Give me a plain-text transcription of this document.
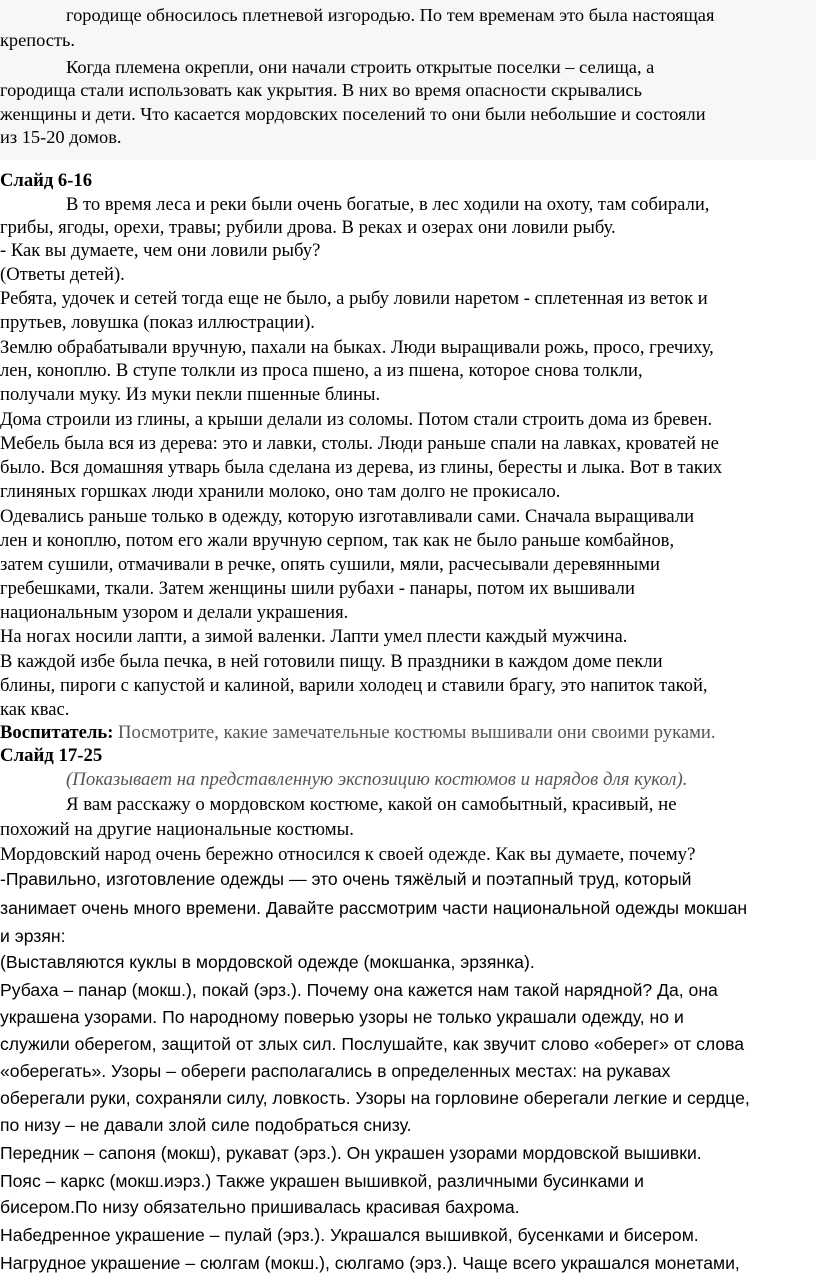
городище обносилось плетневой изгородью. По тем временам это была настоящая
крепость.
Когда племена окрепли, они начали строить открытые поселки – селища, а
городища стали использовать как укрытия. В них во время опасности скрывались
женщины и дети. Что касается мордовских поселений то они были небольшие и состояли
из 15-20 домов.
Слайд 6-16
В то время леса и реки были очень богатые, в лес ходили на охоту, там собирали,
грибы, ягоды, орехи, травы; рубили дрова. В реках и озерах они ловили рыбу.
- Как вы думаете, чем они ловили рыбу?
(Ответы детей).
Ребята, удочек и сетей тогда еще не было, а рыбу ловили наретом - сплетенная из веток и
прутьев, ловушка (показ иллюстрации).
Землю обрабатывали вручную, пахали на быках. Люди выращивали рожь, просо, гречиху,
лен, коноплю. В ступе толкли из проса пшено, а из пшена, которое снова толкли,
получали муку. Из муки пекли пшенные блины.
Дома строили из глины, а крыши делали из соломы. Потом стали строить дома из бревен.
Мебель была вся из дерева: это и лавки, столы. Люди раньше спали на лавках, кроватей не
было. Вся домашняя утварь была сделана из дерева, из глины, бересты и лыка. Вот в таких
глиняных горшках люди хранили молоко, оно там долго не прокисало.
Одевались раньше только в одежду, которую изготавливали сами. Сначала выращивали
лен и коноплю, потом его жали вручную серпом, так как не было раньше комбайнов,
затем сушили, отмачивали в речке, опять сушили, мяли, расчесывали деревянными
гребешками, ткали. Затем женщины шили рубахи - панары, потом их вышивали
национальным узором и делали украшения.
На ногах носили лапти, а зимой валенки. Лапти умел плести каждый мужчина.
В каждой избе была печка, в ней готовили пищу. В праздники в каждом доме пекли
блины, пироги с капустой и калиной, варили холодец и ставили брагу, это напиток такой,
как квас.
Воспитатель: Посмотрите, какие замечательные костюмы вышивали они своими руками.
Слайд 17-25
(Показывает на представленную экспозицию костюмов и нарядов для кукол).
Я вам расскажу о мордовском костюме, какой он самобытный, красивый, не
похожий на другие национальные костюмы.
Мордовский народ очень бережно относился к своей одежде. Как вы думаете, почему?
-Правильно, изготовление одежды — это очень тяжёлый и поэтапный труд, который
занимает очень много времени. Давайте рассмотрим части национальной одежды мокшан
и эрзян:
(Выставляются куклы в мордовской одежде (мокшанка, эрзянка).
Рубаха – панар (мокш.), покай (эрз.). Почему она кажется нам такой нарядной? Да, она
украшена узорами. По народному поверью узоры не только украшали одежду, но и
служили оберегом, защитой от злых сил. Послушайте, как звучит слово «оберег» от слова
«оберегать». Узоры – обереги располагались в определенных местах: на рукавах
оберегали руки, сохраняли силу, ловкость. Узоры на горловине оберегали легкие и сердце,
по низу – не давали злой силе подобраться снизу.
Передник – сапоня (мокш), рукават (эрз.). Он украшен узорами мордовской вышивки.
Пояс – каркс (мокш.иэрз.) Также украшен вышивкой, различными бусинками и
бисером.По низу обязательно пришивалась красивая бахрома.
Набедренное украшение – пулай (эрз.). Украшался вышивкой, бусенками и бисером.
Нагрудное украшение – сюлгам (мокш.), сюлгамо (эрз.). Чаще всего украшался монетами,
